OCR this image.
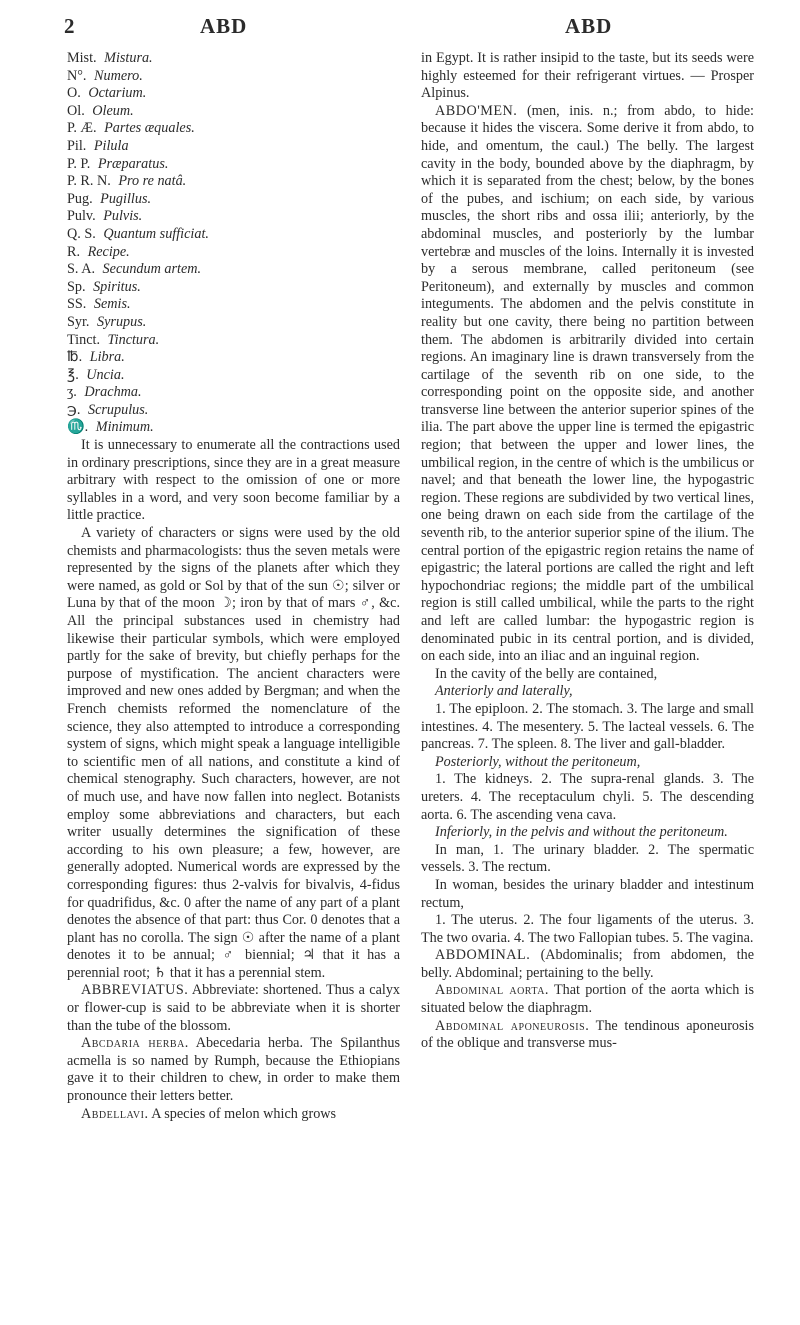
2	ABD	ABD
Mist. Mistura.
N°. Numero.
O. Octarium.
Ol. Oleum.
P. Æ. Partes æquales.
Pil. Pilula
P. P. Præparatus.
P. R. N. Pro re natâ.
Pug. Pugillus.
Pulv. Pulvis.
Q. S. Quantum sufficiat.
R. Recipe.
S. A. Secundum artem.
Sp. Spiritus.
SS. Semis.
Syr. Syrupus.
Tinct. Tinctura.
℔. Libra.
℥. Uncia.
ʒ. Drachma.
℈. Scrupulus.
♏. Minimum.

It is unnecessary to enumerate all the contractions used in ordinary prescriptions, since they are in a great measure arbitrary with respect to the omission of one or more syllables in a word, and very soon become familiar by a little practice.

A variety of characters or signs were used by the old chemists and pharmacologists: thus the seven metals were represented by the signs of the planets after which they were named, as gold or Sol by that of the sun ☉; silver or Luna by that of the moon ☽; iron by that of mars ♂, &c. All the principal substances used in chemistry had likewise their particular symbols, which were employed partly for the sake of brevity, but chiefly perhaps for the purpose of mystification. The ancient characters were improved and new ones added by Bergman; and when the French chemists reformed the nomenclature of the science, they also attempted to introduce a corresponding system of signs, which might speak a language intelligible to scientific men of all nations, and constitute a kind of chemical stenography. Such characters, however, are not of much use, and have now fallen into neglect. Botanists employ some abbreviations and characters, but each writer usually determines the signification of these according to his own pleasure; a few, however, are generally adopted. Numerical words are expressed by the corresponding figures: thus 2-valvis for bivalvis, 4-fidus for quadrifidus, &c. 0 after the name of any part of a plant denotes the absence of that part: thus Cor. 0 denotes that a plant has no corolla. The sign ☉ after the name of a plant denotes it to be annual; ♂ biennial; ♃ that it has a perennial root; ♄ that it has a perennial stem.

ABBREVIATUS. Abbreviate: shortened. Thus a calyx or flower-cup is said to be abbreviate when it is shorter than the tube of the blossom.

Abcdaria herba. Abecedaria herba. The Spilanthus acmella is so named by Rumph, because the Ethiopians gave it to their children to chew, in order to make them pronounce their letters better.

Abdellavi. A species of melon which grows

in Egypt. It is rather insipid to the taste, but its seeds were highly esteemed for their refrigerant virtues. — Prosper Alpinus.

ABDO'MEN. (men, inis. n.; from abdo, to hide: because it hides the viscera. Some derive it from abdo, to hide, and omentum, the caul.) The belly. The largest cavity in the body, bounded above by the diaphragm, by which it is separated from the chest; below, by the bones of the pubes, and ischium; on each side, by various muscles, the short ribs and ossa ilii; anteriorly, by the abdominal muscles, and posteriorly by the lumbar vertebræ and muscles of the loins. Internally it is invested by a serous membrane, called peritoneum (see Peritoneum), and externally by muscles and common integuments. The abdomen and the pelvis constitute in reality but one cavity, there being no partition between them. The abdomen is arbitrarily divided into certain regions. An imaginary line is drawn transversely from the cartilage of the seventh rib on one side, to the corresponding point on the opposite side, and another transverse line between the anterior superior spines of the ilia. The part above the upper line is termed the epigastric region; that between the upper and lower lines, the umbilical region, in the centre of which is the umbilicus or navel; and that beneath the lower line, the hypogastric region. These regions are subdivided by two vertical lines, one being drawn on each side from the cartilage of the seventh rib, to the anterior superior spine of the ilium. The central portion of the epigastric region retains the name of epigastric; the lateral portions are called the right and left hypochondriac regions; the middle part of the umbilical region is still called umbilical, while the parts to the right and left are called lumbar: the hypogastric region is denominated pubic in its central portion, and is divided, on each side, into an iliac and an inguinal region.

In the cavity of the belly are contained,

Anteriorly and laterally,

1. The epiploon. 2. The stomach. 3. The large and small intestines. 4. The mesentery. 5. The lacteal vessels. 6. The pancreas. 7. The spleen. 8. The liver and gall-bladder.

Posteriorly, without the peritoneum,

1. The kidneys. 2. The supra-renal glands. 3. The ureters. 4. The receptaculum chyli. 5. The descending aorta. 6. The ascending vena cava.

Inferiorly, in the pelvis and without the peritoneum.

In man, 1. The urinary bladder. 2. The spermatic vessels. 3. The rectum.

In woman, besides the urinary bladder and intestinum rectum,

1. The uterus. 2. The four ligaments of the uterus. 3. The two ovaria. 4. The two Fallopian tubes. 5. The vagina.

ABDOMINAL. (Abdominalis; from abdomen, the belly. Abdominal; pertaining to the belly.

Abdominal aorta. That portion of the aorta which is situated below the diaphragm.

Abdominal aponeurosis. The tendinous aponeurosis of the oblique and transverse mus-
